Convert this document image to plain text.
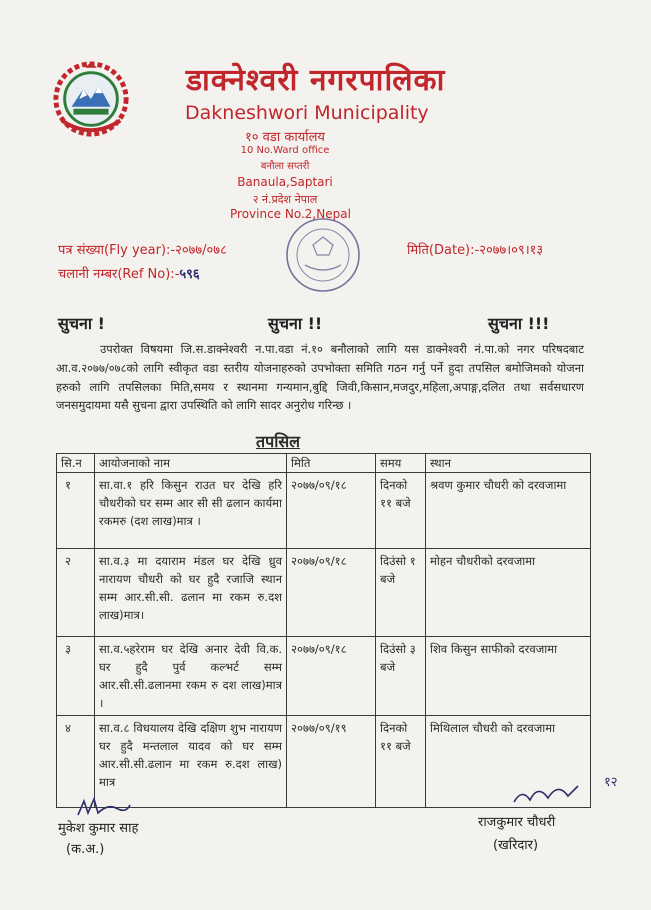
डाक्नेश्वरी नगरपालिका
Dakneshwori Municipality
१० वडा कार्यालय
10 No.Ward office
बनौला सप्तरी
Banaula,Saptari
२ नं.प्रदेश नेपाल
Province No.2,Nepal
पत्र संख्या(Fly year):-२०७७/०७८
चलानी नम्बर(Ref No):-५९६
मिति(Date):-२०७७।०९।१३
सुचना !	सुचना !!	सुचना !!!
उपरोक्त विषयमा जि.स.डाक्नेश्वरी न.पा.वडा नं.१० बनौलाको लागि यस डाक्नेश्वरी नं.पा.को नगर परिषदबाट आ.व.२०७७/०७८को लागि स्वीकृत वडा स्तरीय योजनाहरुको उपभोक्ता समिति गठन गर्नु पर्ने हुदा तपसिल बमोजिमको योजना हरुको लागि तपसिलका मिति,समय र स्थानमा गन्यमान,बुद्दि जिवी,किसान,मजदुर,महिला,अपाङ्ग,दलित तथा सर्वसधारण जनसमुदायमा यसै सुचना द्वारा उपस्थिति को लागि सादर अनुरोध गरिन्छ ।
तपसिल
सि.न	आयोजनाको नाम	मिति	समय	स्थान
१	सा.वा.१ हरि किसुन राउत घर देखि हरि चौधरीको घर सम्म आर सी सी ढलान कार्यमा रकमरु (दश लाख)मात्र ।	२०७७/०९/१८	दिनको ११ बजे	श्रवण कुमार चौधरी को दरवजामा
२	सा.व.३ मा दयाराम मंडल घर देखि ध्रुव नारायण चौधरी को घर हुदै रजाजि स्थान सम्म आर.सी.सी. ढलान मा रकम रु.दश लाख)मात्र।	२०७७/०९/१८	दिउंसो १ बजे	मोहन चौधरीको दरवजामा
३	सा.व.५हरेराम घर देखि अनार देवी वि.क. घर हुदै पुर्व कल्भर्ट सम्म आर.सी.सी.ढलानमा रकम रु दश लाख)मात्र ।	२०७७/०९/१८	दिउंसो ३ बजे	शिव किसुन साफीको दरवजामा
४	सा.व.८ विधयालय देखि दक्षिण शुभ नारायण घर हुदै मन्तलाल यादव को घर सम्म आर.सी.सी.ढलान मा रकम रु.दश लाख) मात्र	२०७७/०९/१९	दिनको ११ बजे	मिथिलाल चौधरी को दरवजामा
मुकेश कुमार साह
(क.अ.)
१२
राजकुमार चौधरी
(खरिदार)
